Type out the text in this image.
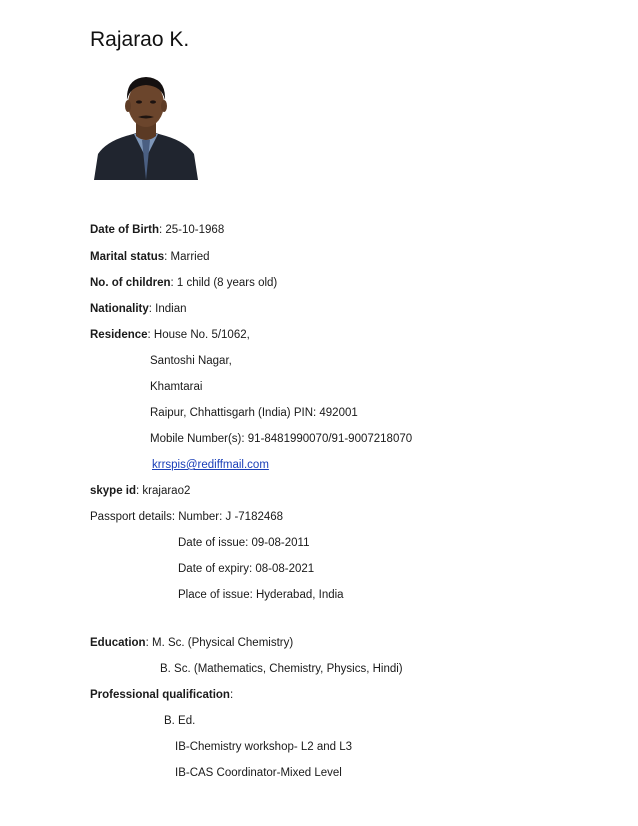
Rajarao K.
Date of Birth: 25-10-1968
Marital status: Married
No. of children: 1 child (8 years old)
Nationality: Indian
Residence: House No. 5/1062,
Santoshi Nagar,
Khamtarai
Raipur, Chhattisgarh (India) PIN: 492001
Mobile Number(s): 91-8481990070/91-9007218070
krrspis@rediffmail.com
skype id: krajarao2
Passport details: Number: J -7182468
Date of issue: 09-08-2011
Date of expiry: 08-08-2021
Place of issue: Hyderabad, India
Education: M. Sc. (Physical Chemistry)
B. Sc. (Mathematics, Chemistry, Physics, Hindi)
Professional qualification:
B. Ed.
IB-Chemistry workshop- L2 and L3
IB-CAS Coordinator-Mixed Level
